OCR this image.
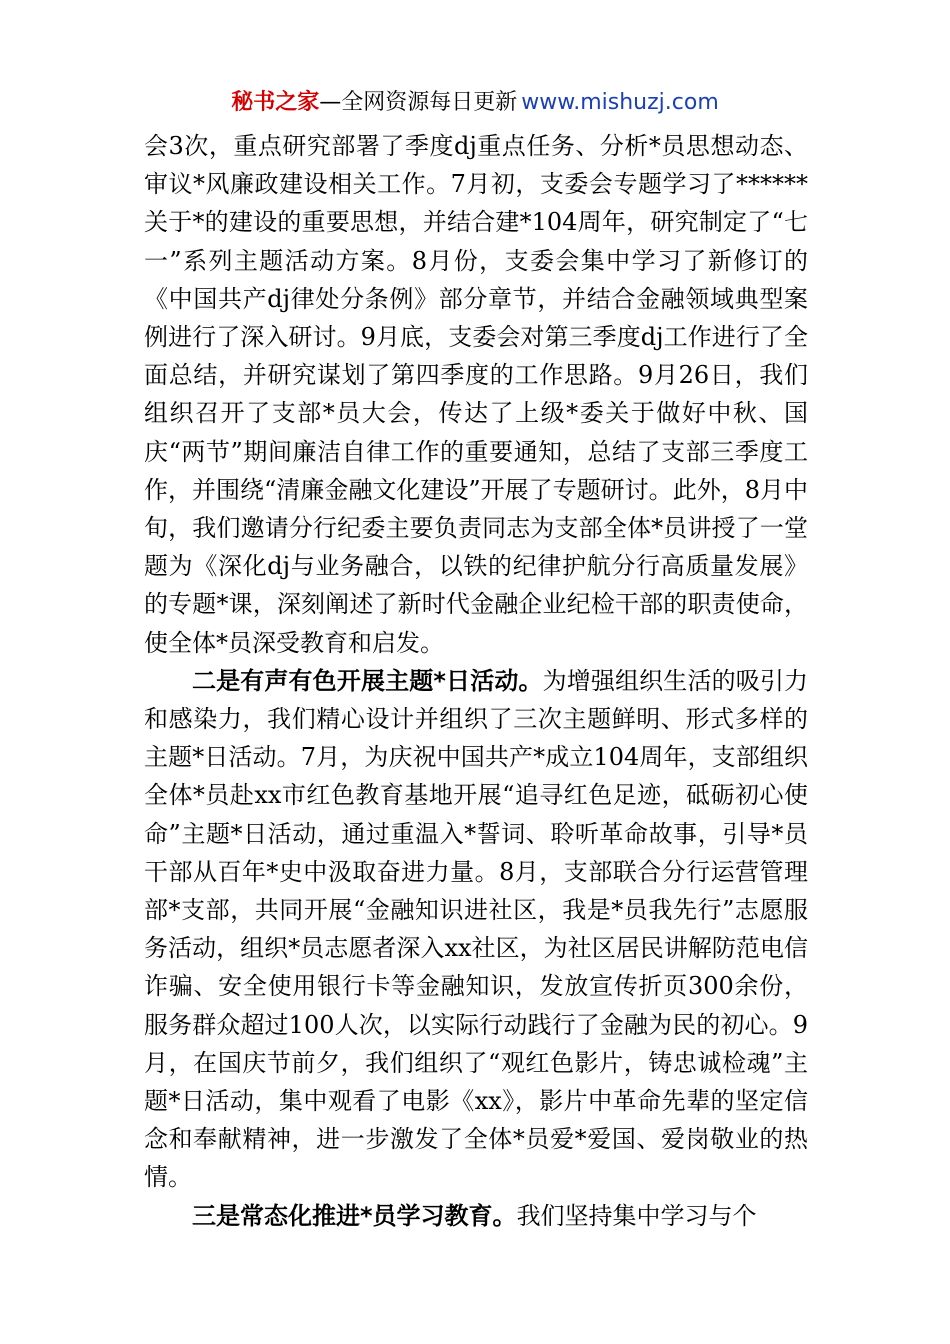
秘书之家—全网资源每日更新 www.mishuzj.com

会3次，重点研究部署了季度dj重点任务、分析*员思想动态、审议*风廉政建设相关工作。7月初，支委会专题学习了******关于*的建设的重要思想，并结合建*104周年，研究制定了“七一”系列主题活动方案。8月份，支委会集中学习了新修订的《中国共产dj律处分条例》部分章节，并结合金融领域典型案例进行了深入研讨。9月底，支委会对第三季度dj工作进行了全面总结，并研究谋划了第四季度的工作思路。9月26日，我们组织召开了支部*员大会，传达了上级*委关于做好中秋、国庆“两节”期间廉洁自律工作的重要通知，总结了支部三季度工作，并围绕“清廉金融文化建设”开展了专题研讨。此外，8月中旬，我们邀请分行纪委主要负责同志为支部全体*员讲授了一堂题为《深化dj与业务融合，以铁的纪律护航分行高质量发展》的专题*课，深刻阐述了新时代金融企业纪检干部的职责使命，使全体*员深受教育和启发。

二是有声有色开展主题*日活动。为增强组织生活的吸引力和感染力，我们精心设计并组织了三次主题鲜明、形式多样的主题*日活动。7月，为庆祝中国共产*成立104周年，支部组织全体*员赴xx市红色教育基地开展“追寻红色足迹，砥砺初心使命”主题*日活动，通过重温入*誓词、聆听革命故事，引导*员干部从百年*史中汲取奋进力量。8月，支部联合分行运营管理部*支部，共同开展“金融知识进社区，我是*员我先行”志愿服务活动，组织*员志愿者深入xx社区，为社区居民讲解防范电信诈骗、安全使用银行卡等金融知识，发放宣传折页300余份，服务群众超过100人次，以实际行动践行了金融为民的初心。9月，在国庆节前夕，我们组织了“观红色影片，铸忠诚检魂”主题*日活动，集中观看了电影《xx》，影片中革命先辈的坚定信念和奉献精神，进一步激发了全体*员爱*爱国、爱岗敬业的热情。

三是常态化推进*员学习教育。我们坚持集中学习与个
